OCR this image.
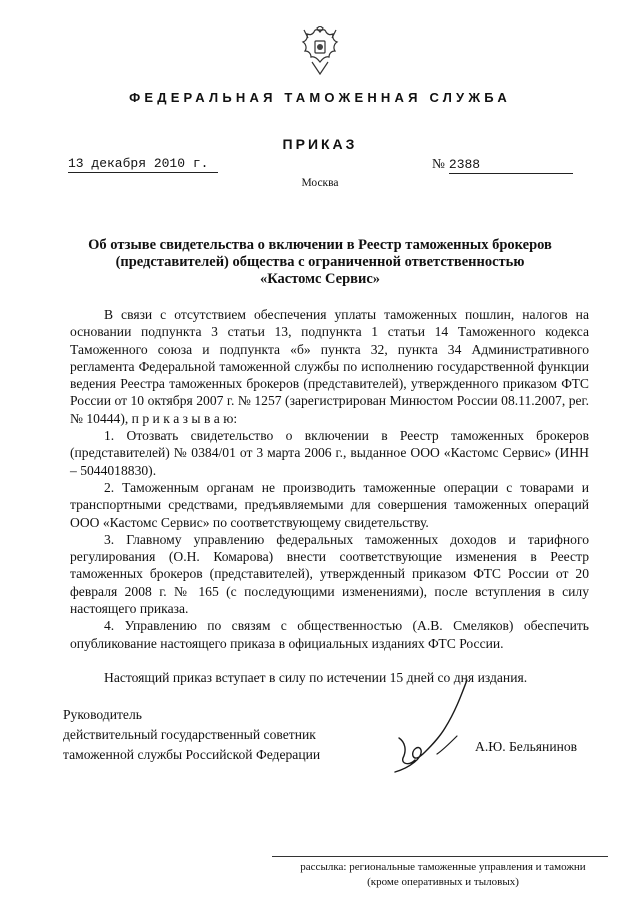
ФЕДЕРАЛЬНАЯ ТАМОЖЕННАЯ СЛУЖБА
ПРИКАЗ
13 декабря 2010 г.	№ 2388
Москва
Об отзыве свидетельства о включении в Реестр таможенных брокеров
(представителей) общества с ограниченной ответственностью
«Кастомс Сервис»

В связи с отсутствием обеспечения уплаты таможенных пошлин, налогов на основании подпункта 3 статьи 13, подпункта 1 статьи 14 Таможенного кодекса Таможенного союза и подпункта «б» пункта 32, пункта 34 Административного регламента Федеральной таможенной службы по исполнению государственной функции ведения Реестра таможенных брокеров (представителей), утвержденного приказом ФТС России от 10 октября 2007 г. № 1257 (зарегистрирован Минюстом России 08.11.2007, рег. № 10444), п р и к а з ы в а ю:

1. Отозвать свидетельство о включении в Реестр таможенных брокеров (представителей) № 0384/01 от 3 марта 2006 г., выданное ООО «Кастомс Сервис» (ИНН – 5044018830).

2. Таможенным органам не производить таможенные операции с товарами и транспортными средствами, предъявляемыми для совершения таможенных операций ООО «Кастомс Сервис» по соответствующему свидетельству.

3. Главному управлению федеральных таможенных доходов и тарифного регулирования (О.Н. Комарова) внести соответствующие изменения в Реестр таможенных брокеров (представителей), утвержденный приказом ФТС России от 20 февраля 2008 г. № 165 (с последующими изменениями), после вступления в силу настоящего приказа.

4. Управлению по связям с общественностью (А.В. Смеляков) обеспечить опубликование настоящего приказа в официальных изданиях ФТС России.

Настоящий приказ вступает в силу по истечении 15 дней со дня издания.
Руководитель
действительный государственный советник
таможенной службы Российской Федерации
А.Ю. Бельянинов
рассылка: региональные таможенные управления и таможни
(кроме оперативных и тыловых)
